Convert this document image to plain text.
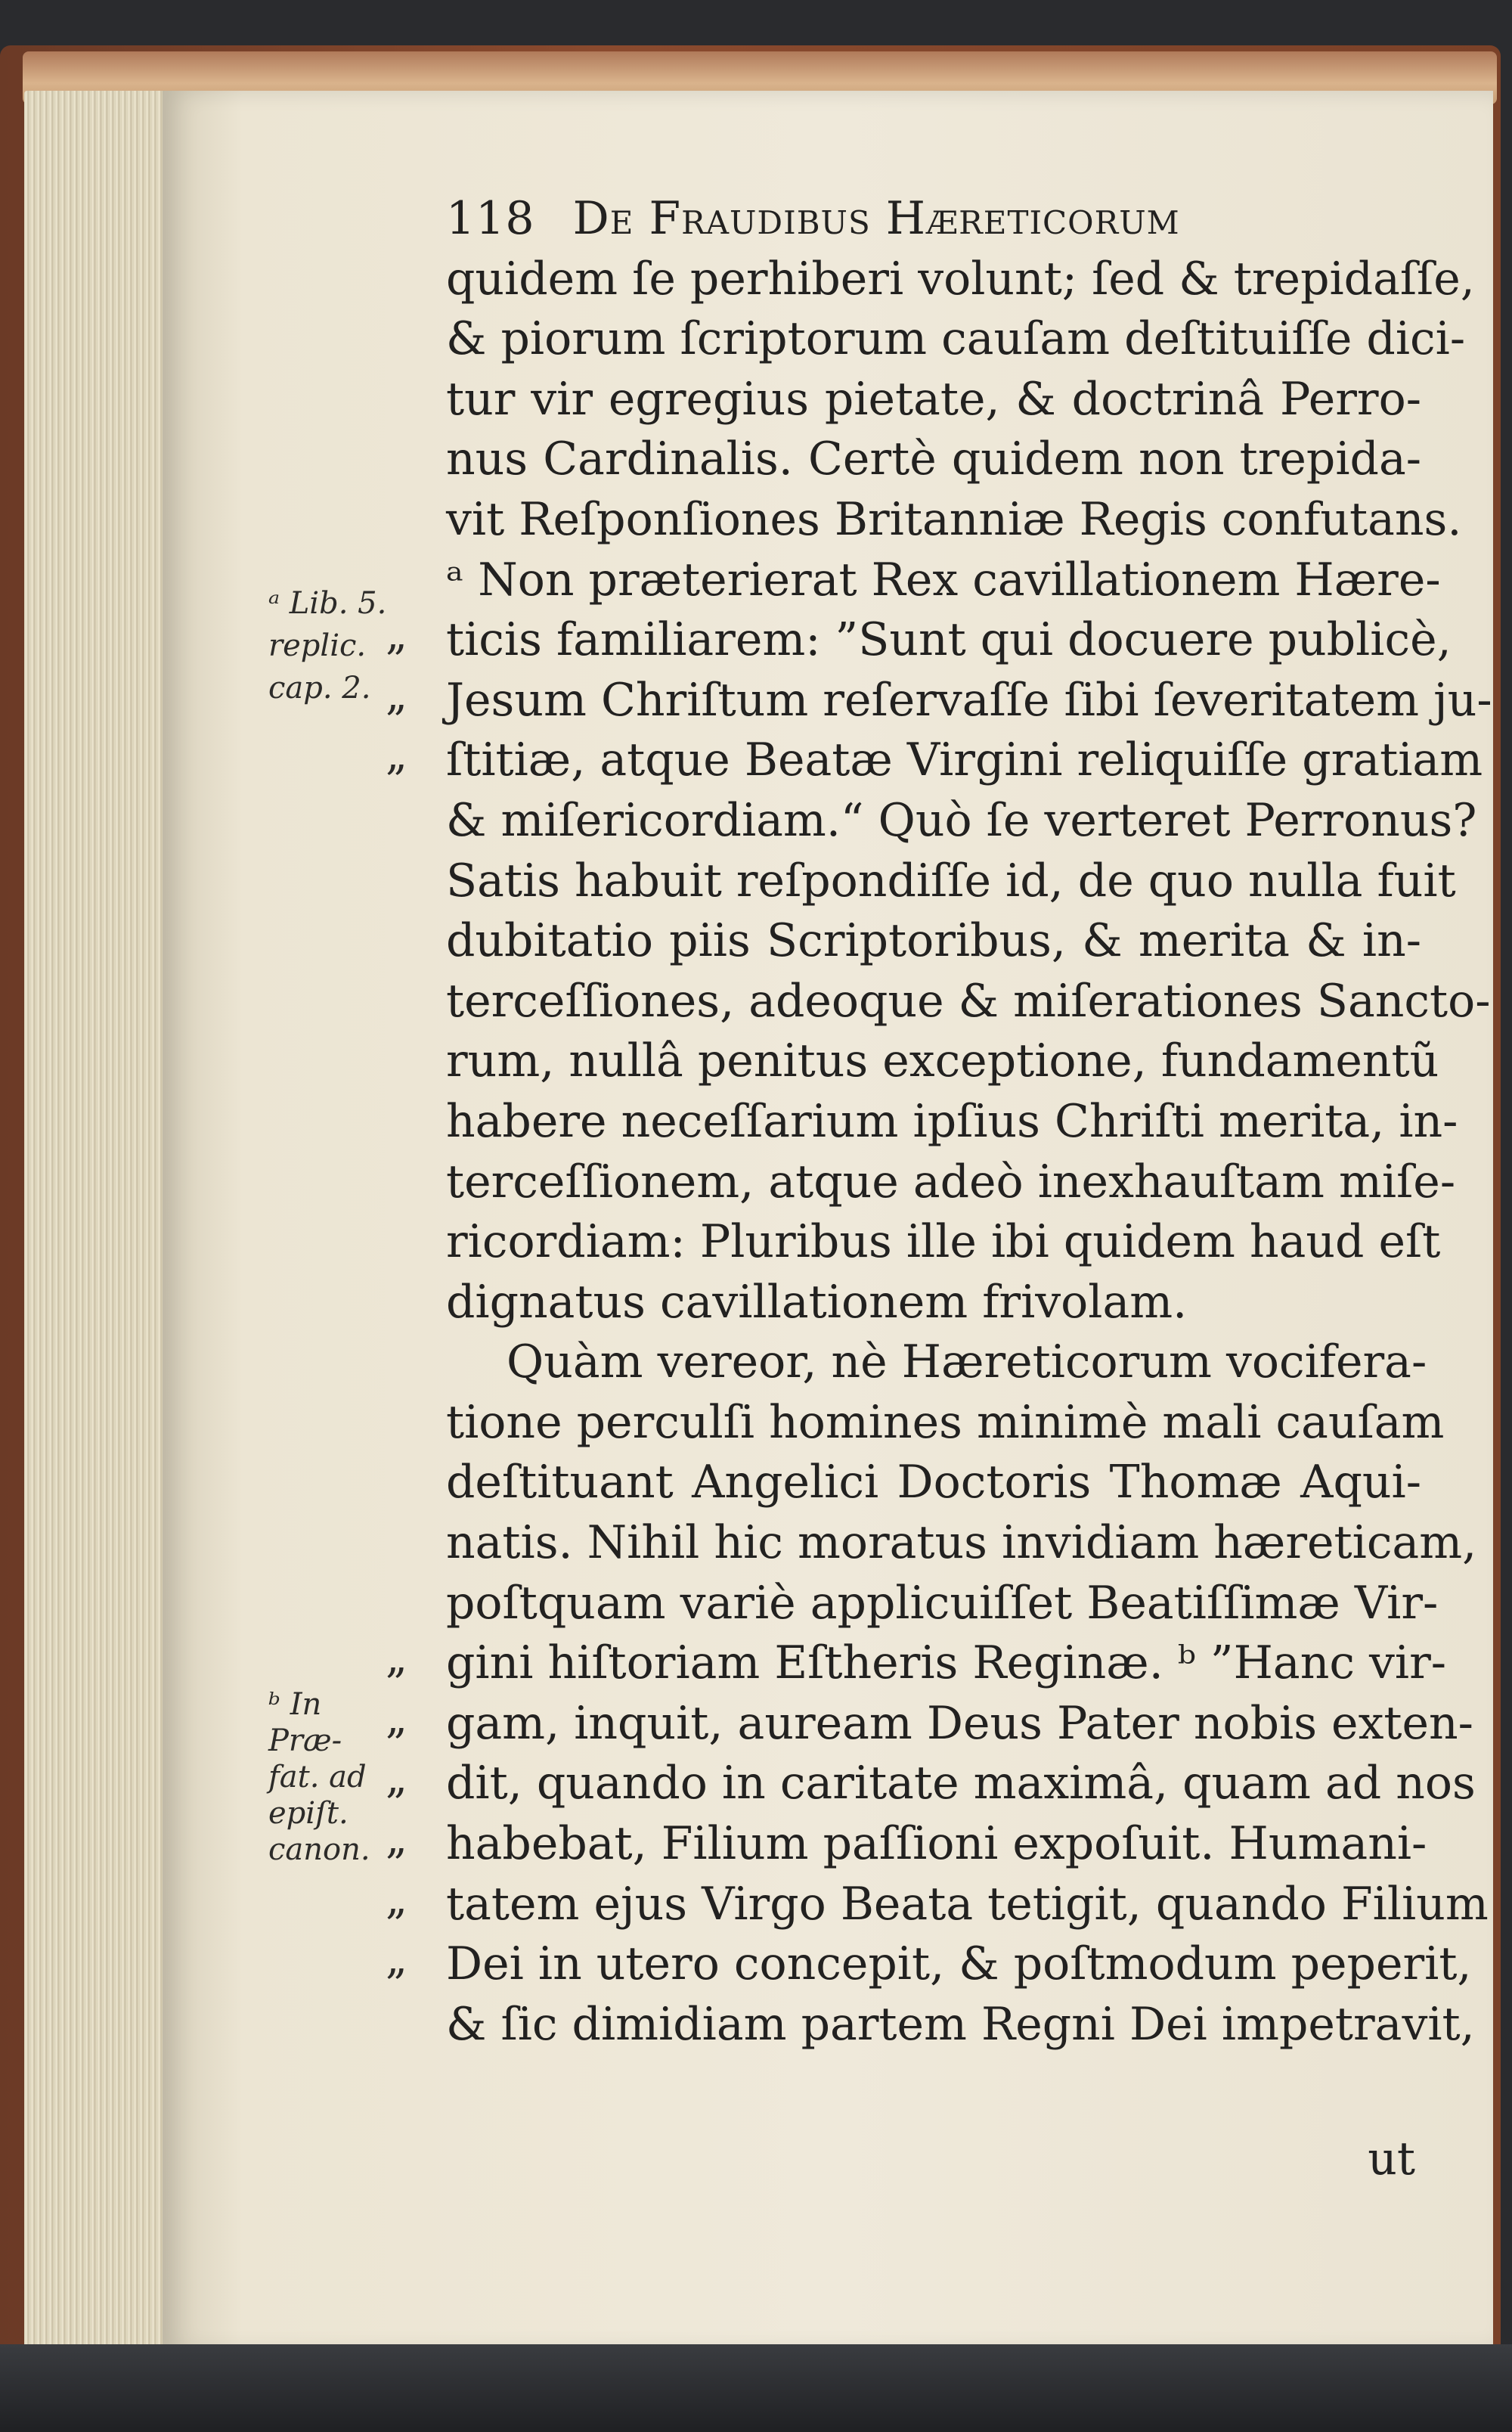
„
„
„
„
„
„
„
„
„
118 De Fraudibus Hæreticorum
quidem ſe perhiberi volunt; ſed & trepidaſſe,
& piorum ſcriptorum cauſam deſtituiſſe dici-
tur vir egregius pietate, & doctrinâ Perro-
nus Cardinalis. Certè quidem non trepida-
vit Reſponſiones Britanniæ Regis confutans.
ᵃ Non prӕterierat Rex cavillationem Hære-
ticis familiarem: ”Sunt qui docuere publicè,
Jesum Chriſtum reſervaſſe ſibi ſeveritatem ju-
ſtitiæ, atque Beatæ Virgini reliquiſſe gratiam
& miſericordiam.“ Quò ſe verteret Perronus?
Satis habuit reſpondiſſe id, de quo nulla fuit
dubitatio piis Scriptoribus, & merita & in-
terceſſiones, adeoque & miſerationes Sancto-
rum, nullâ penitus exceptione, fundamentũ
habere neceſſarium ipſius Chriſti merita, in-
terceſſionem, atque adeò inexhauſtam miſe-
ricordiam: Pluribus ille ibi quidem haud eſt
dignatus cavillationem frivolam.
Quàm vereor, nè Hæreticorum vocifera-
tione perculſi homines minimè mali cauſam
deſtituant Angelici Doctoris Thomæ Aqui-
natis. Nihil hic moratus invidiam hæreticam,
poſtquam variè applicuiſſet Beatiſſimæ Vir-
gini hiſtoriam Eſtheris Reginæ. ᵇ ”Hanc vir-
gam, inquit, auream Deus Pater nobis exten-
dit, quando in caritate maximâ, quam ad nos
habebat, Filium paſſioni expoſuit. Humani-
tatem ejus Virgo Beata tetigit, quando Filium
Dei in utero concepit, & poſtmodum peperit,
& ſic dimidiam partem Regni Dei impetravit,
ᵃ Lib. 5.
replic.
cap. 2.
ᵇ In Præ-
fat. ad
epiſt.
canon.
ut
